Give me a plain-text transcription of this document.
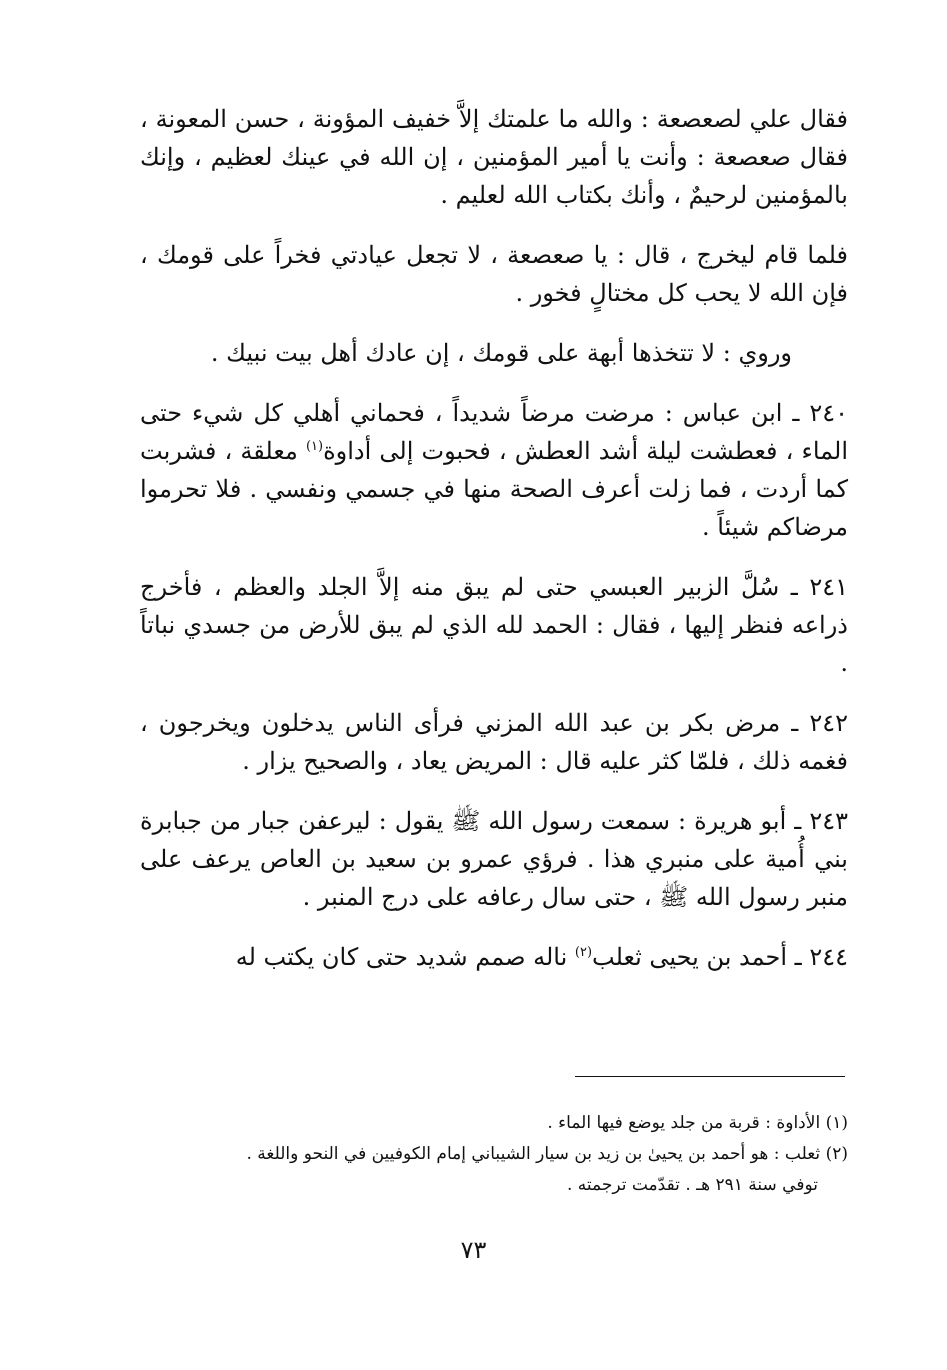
فقال علي لصعصعة : والله ما علمتك إلاَّ خفيف المؤونة ، حسن المعونة ، فقال صعصعة : وأنت يا أمير المؤمنين ، إن الله في عينك لعظيم ، وإنك بالمؤمنين لرحيمٌ ، وأنك بكتاب الله لعليم .

فلما قام ليخرج ، قال : يا صعصعة ، لا تجعل عيادتي فخراً على قومك ، فإن الله لا يحب كل مختالٍ فخور .

وروي : لا تتخذها أبهة على قومك ، إن عادك أهل بيت نبيك .

٢٤٠ ـ ابن عباس : مرضت مرضاً شديداً ، فحماني أهلي كل شيء حتى الماء ، فعطشت ليلة أشد العطش ، فحبوت إلى أداوة$^{(١)}$ معلقة ، فشربت كما أردت ، فما زلت أعرف الصحة منها في جسمي ونفسي . فلا تحرموا مرضاكم شيئاً .

٢٤١ ـ سُلَّ الزبير العبسي حتى لم يبق منه إلاَّ الجلد والعظم ، فأخرج ذراعه فنظر إليها ، فقال : الحمد لله الذي لم يبق للأرض من جسدي نباتاً .

٢٤٢ ـ مرض بكر بن عبد الله المزني فرأى الناس يدخلون ويخرجون ، فغمه ذلك ، فلمّا كثر عليه قال : المريض يعاد ، والصحيح يزار .

٢٤٣ ـ أبو هريرة : سمعت رسول الله ﷺ يقول : ليرعفن جبار من جبابرة بني أُمية على منبري هذا . فرؤي عمرو بن سعيد بن العاص يرعف على منبر رسول الله ﷺ ، حتى سال رعافه على درج المنبر .

٢٤٤ ـ أحمد بن يحيى ثعلب$^{(٢)}$ ناله صمم شديد حتى كان يكتب له

(١) الأداوة : قربة من جلد يوضع فيها الماء .

(٢) ثعلب : هو أحمد بن يحيىٰ بن زيد بن سيار الشيباني إمام الكوفيين في النحو واللغة .

توفي سنة ٢٩١ هـ . تقدّمت ترجمته .

٧٣
